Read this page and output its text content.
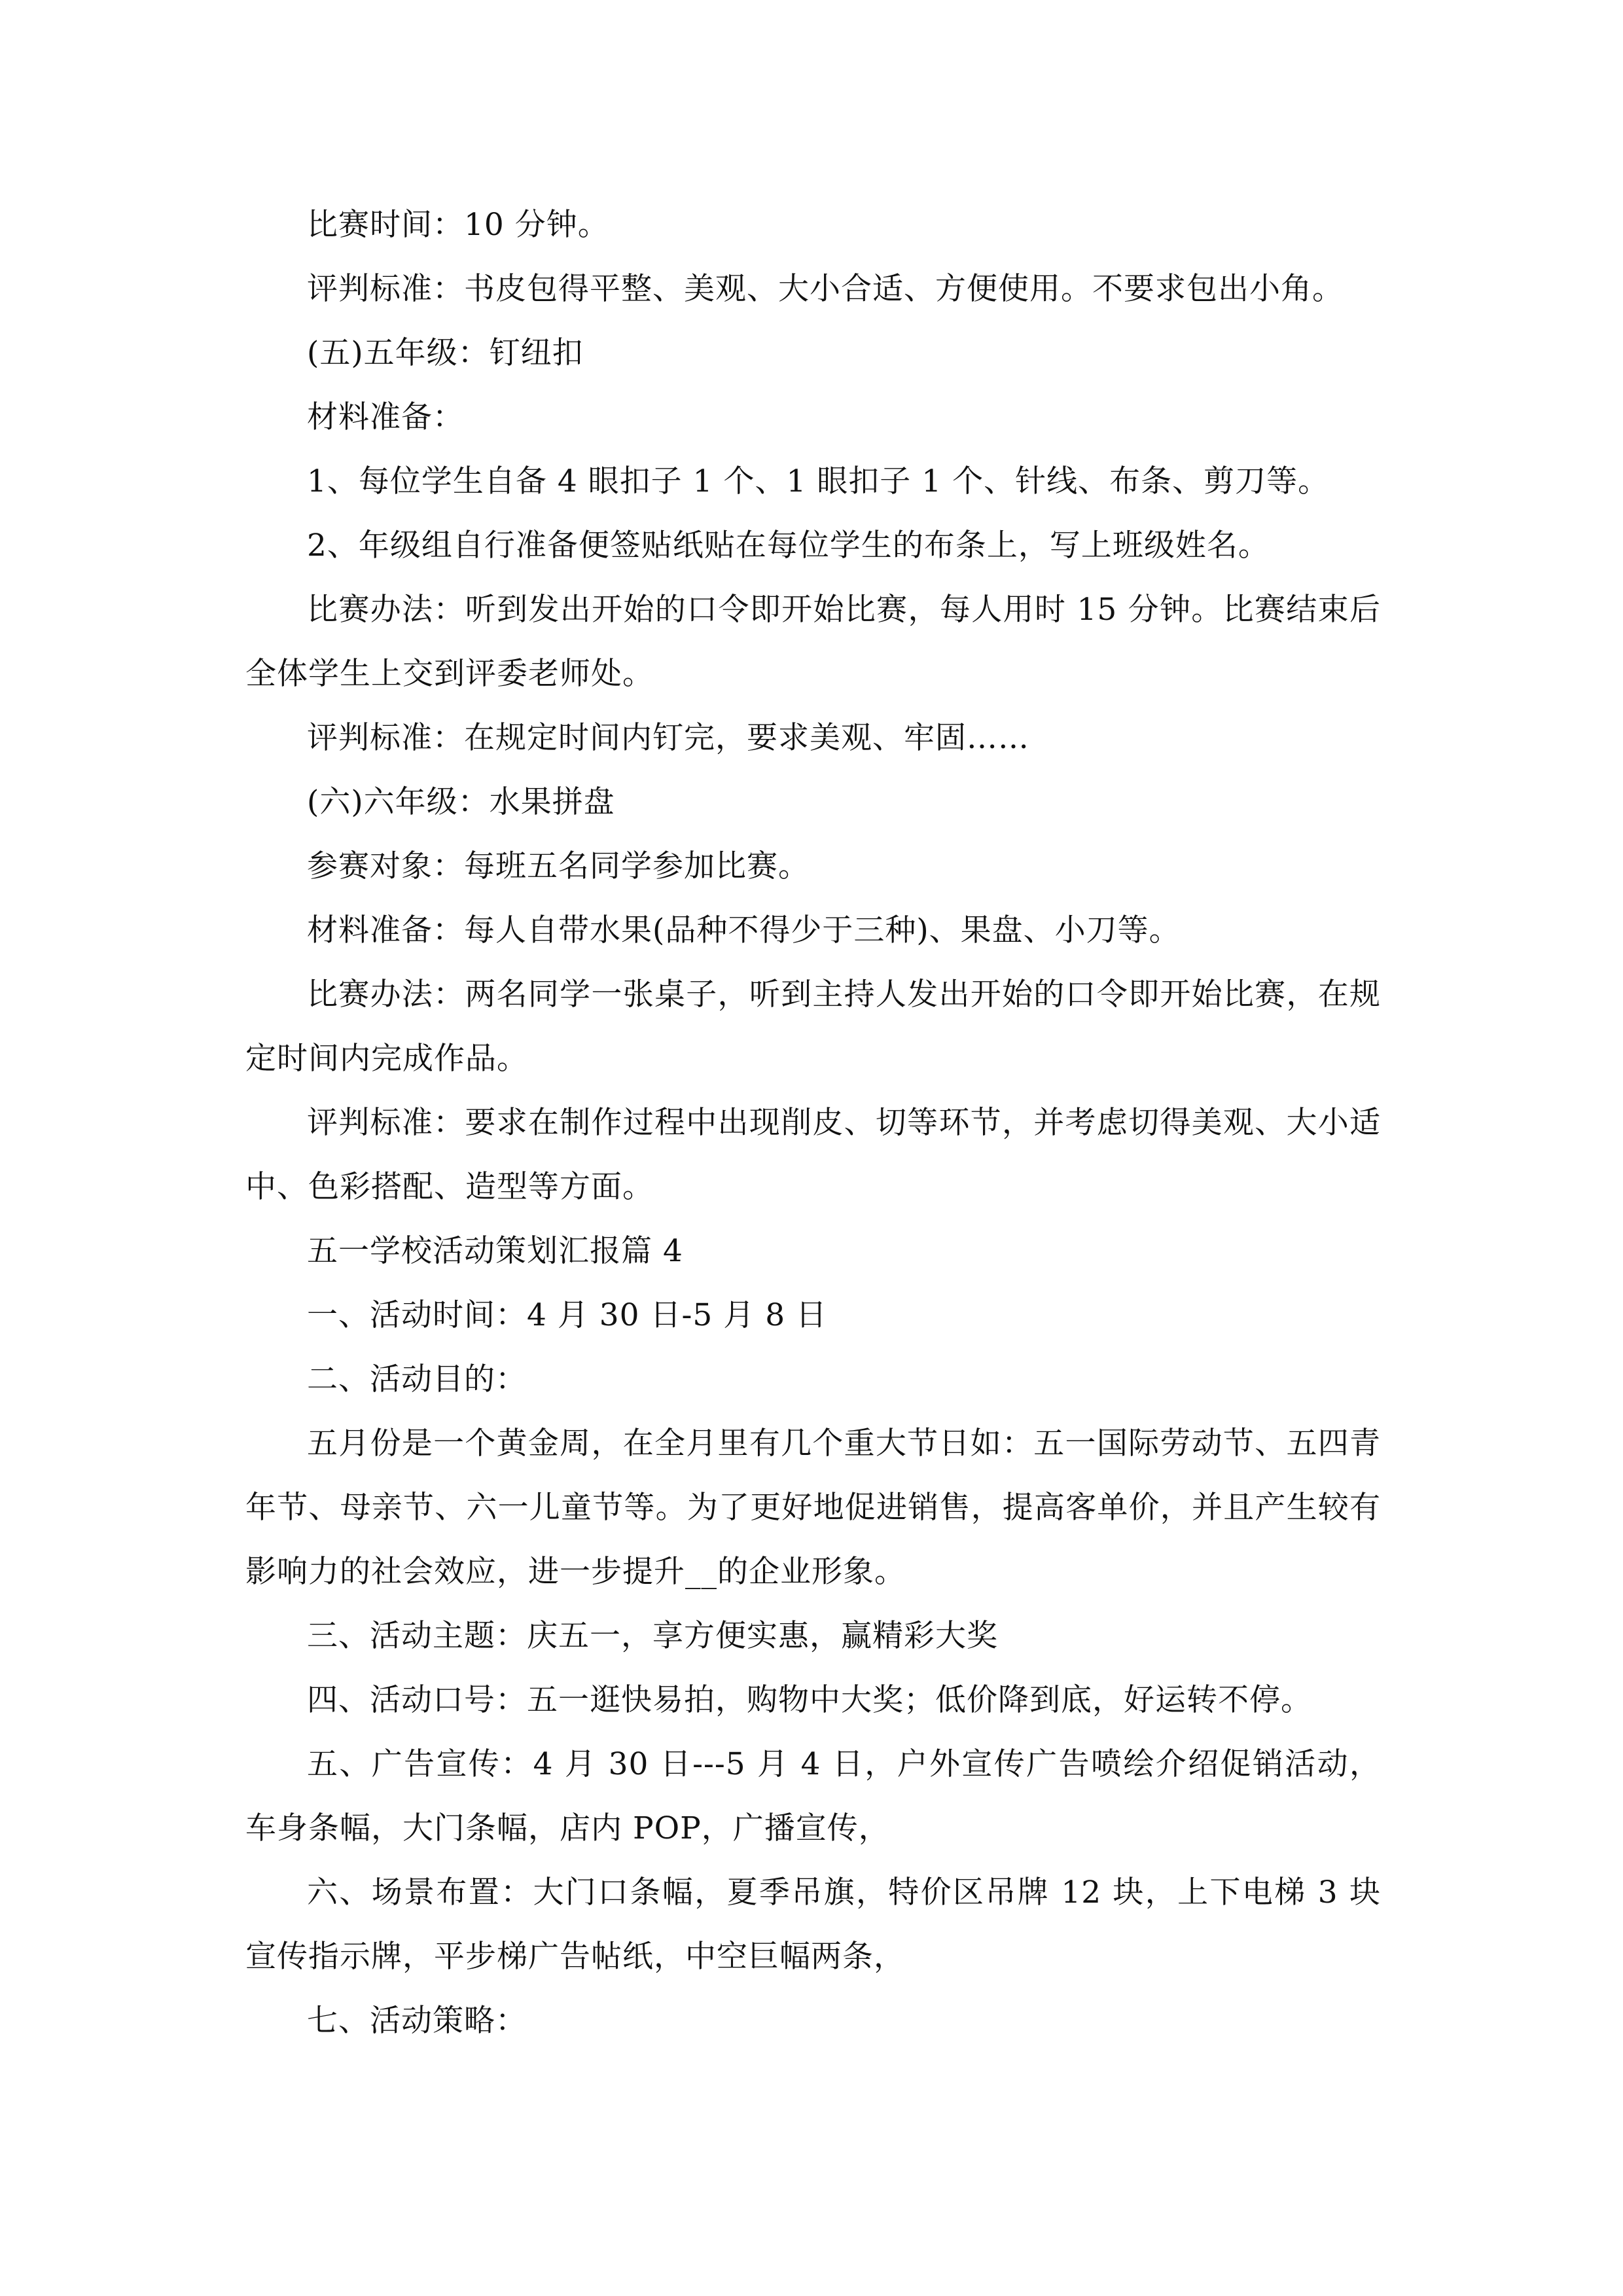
比赛时间：10 分钟。

评判标准：书皮包得平整、美观、大小合适、方便使用。不要求包出小角。

(五)五年级：钉纽扣

材料准备：

1、每位学生自备 4 眼扣子 1 个、1 眼扣子 1 个、针线、布条、剪刀等。

2、年级组自行准备便签贴纸贴在每位学生的布条上，写上班级姓名。

比赛办法：听到发出开始的口令即开始比赛，每人用时 15 分钟。比赛结束后全体学生上交到评委老师处。

评判标准：在规定时间内钉完，要求美观、牢固……

(六)六年级：水果拼盘

参赛对象：每班五名同学参加比赛。

材料准备：每人自带水果(品种不得少于三种)、果盘、小刀等。

比赛办法：两名同学一张桌子，听到主持人发出开始的口令即开始比赛，在规定时间内完成作品。

评判标准：要求在制作过程中出现削皮、切等环节，并考虑切得美观、大小适中、色彩搭配、造型等方面。

五一学校活动策划汇报篇 4

一、活动时间：4 月 30 日-5 月 8 日

二、活动目的：

五月份是一个黄金周，在全月里有几个重大节日如：五一国际劳动节、五四青年节、母亲节、六一儿童节等。为了更好地促进销售，提高客单价，并且产生较有影响力的社会效应，进一步提升__的企业形象。

三、活动主题：庆五一，享方便实惠，赢精彩大奖

四、活动口号：五一逛快易拍，购物中大奖；低价降到底，好运转不停。

五、广告宣传：4 月 30 日---5 月 4 日，户外宣传广告喷绘介绍促销活动，车身条幅，大门条幅，店内 POP，广播宣传，

六、场景布置：大门口条幅，夏季吊旗，特价区吊牌 12 块，上下电梯 3 块宣传指示牌，平步梯广告帖纸，中空巨幅两条，

七、活动策略：
